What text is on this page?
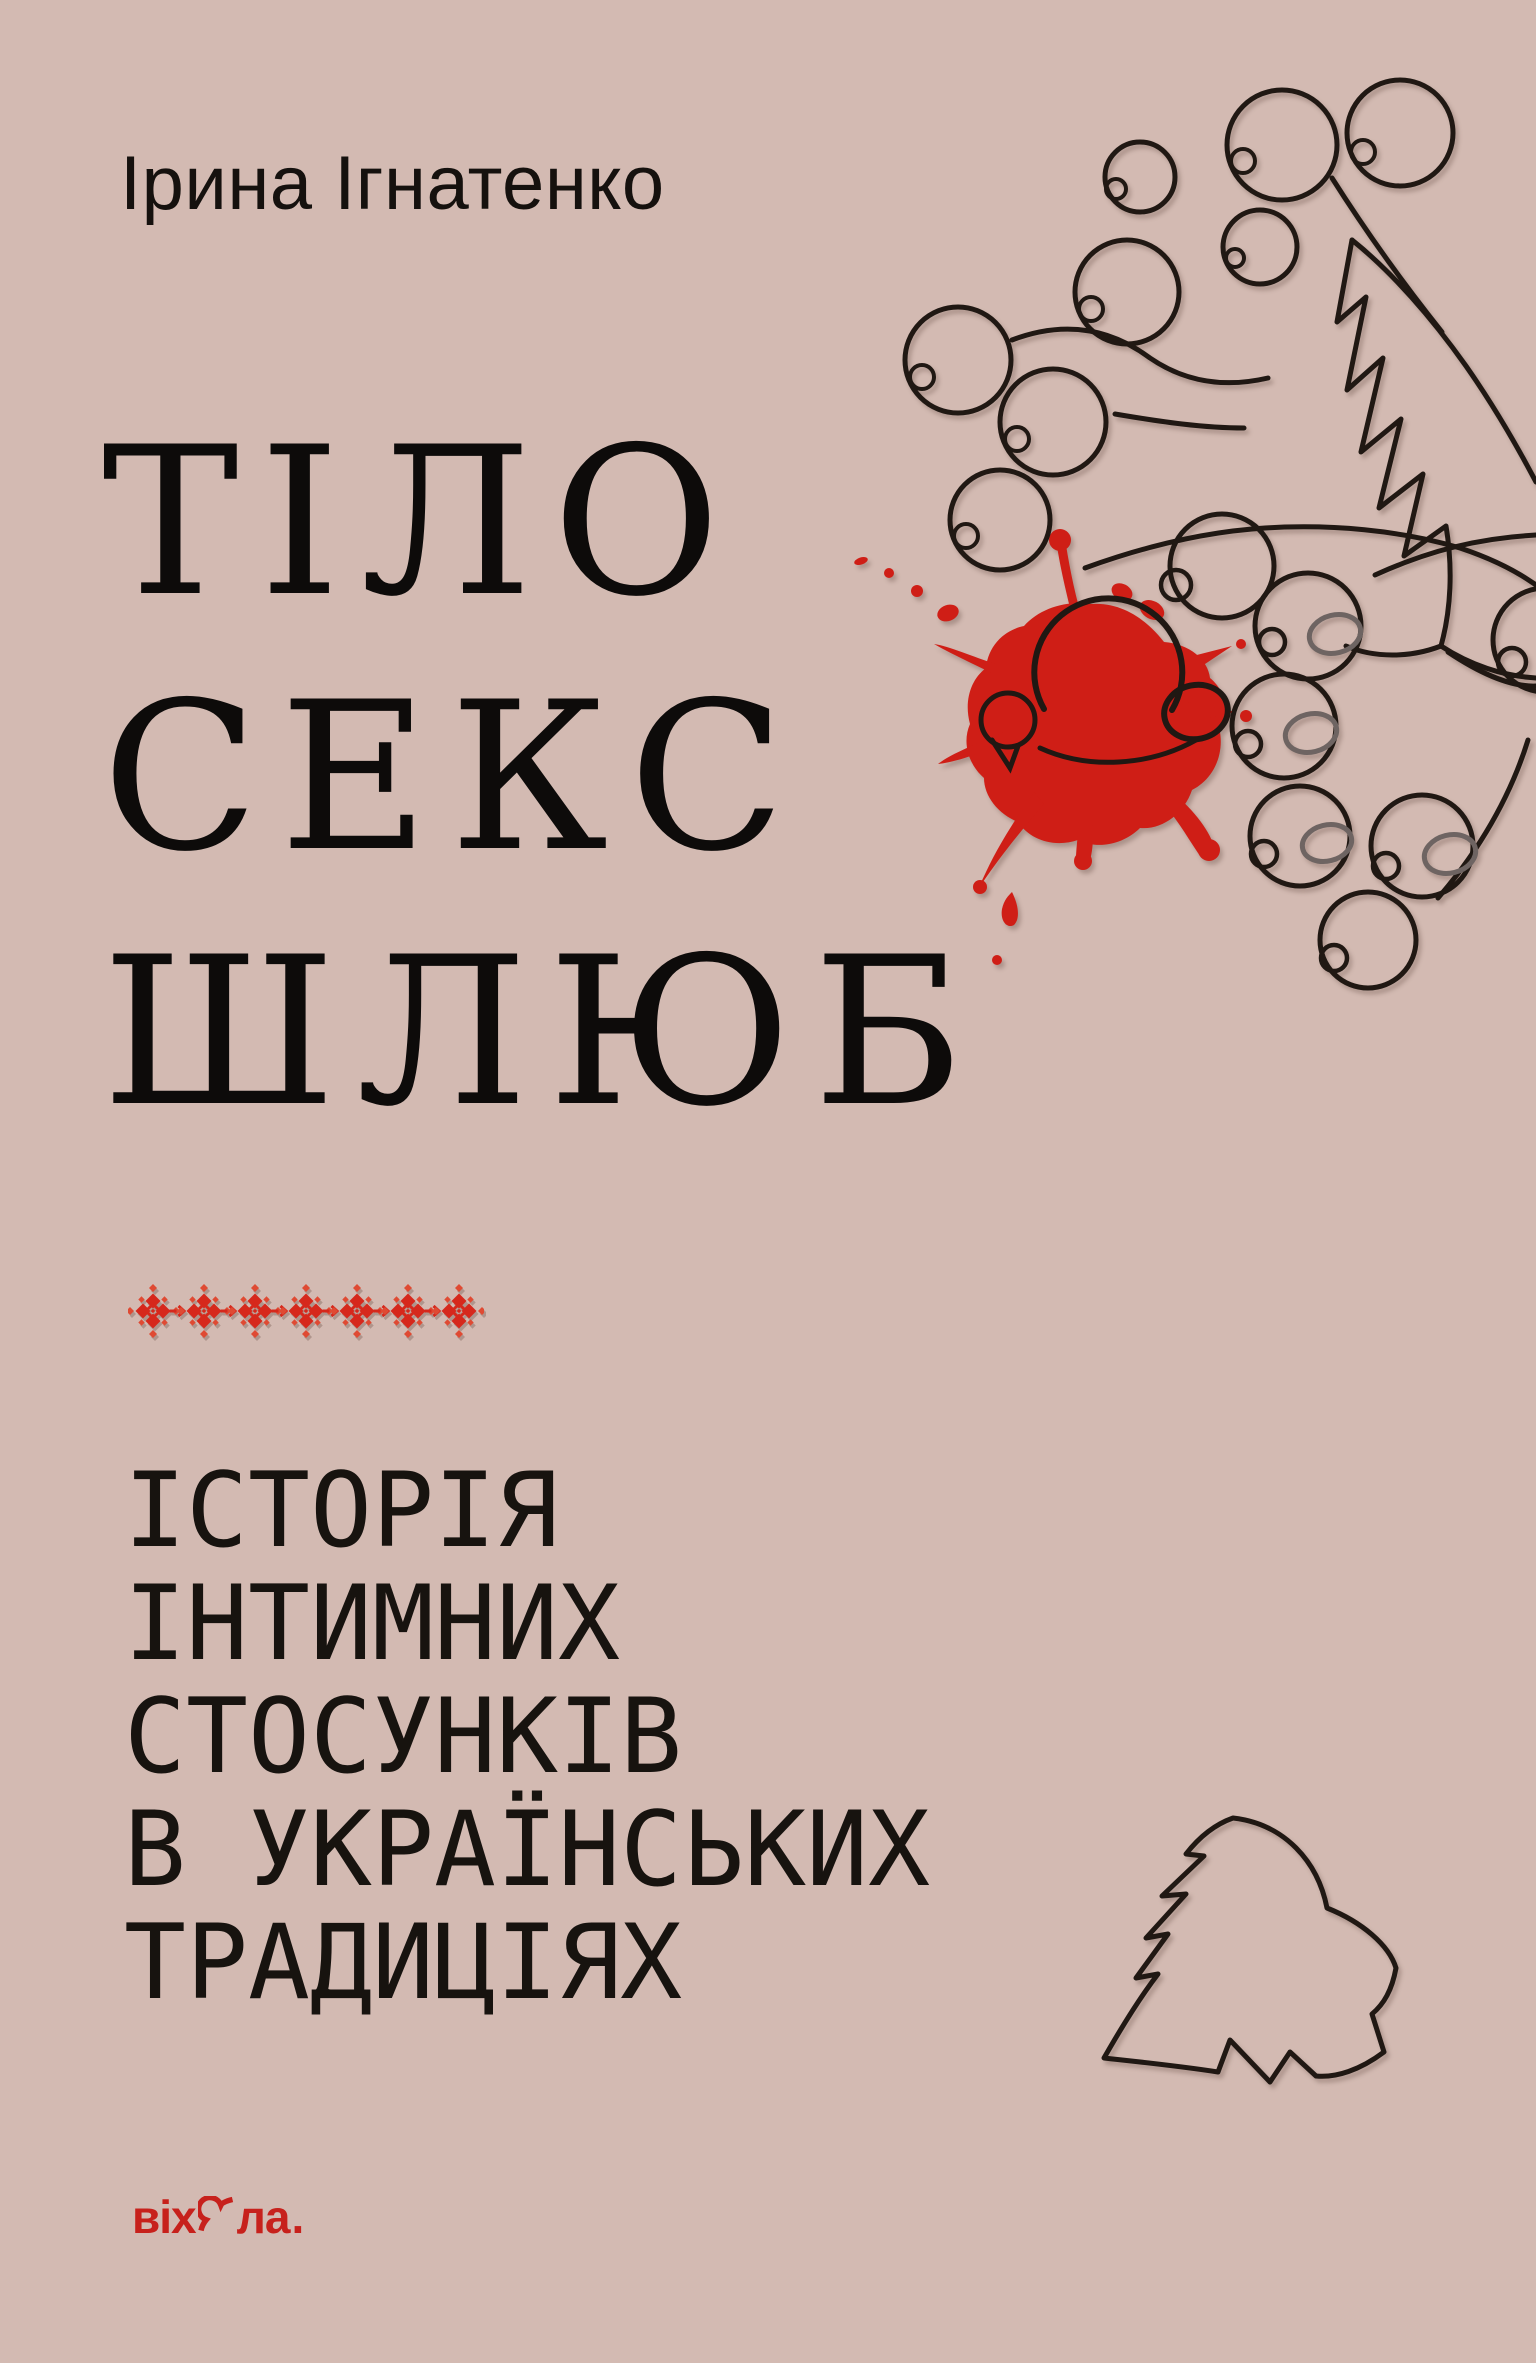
Ірина Ігнатенко
ТІЛО
СЕКС
ШЛЮБ
ІСТОРІЯ
ІНТИМНИХ
СТОСУНКІВ
В УКРАЇНСЬКИХ
ТРАДИЦІЯХ
віх ла .
